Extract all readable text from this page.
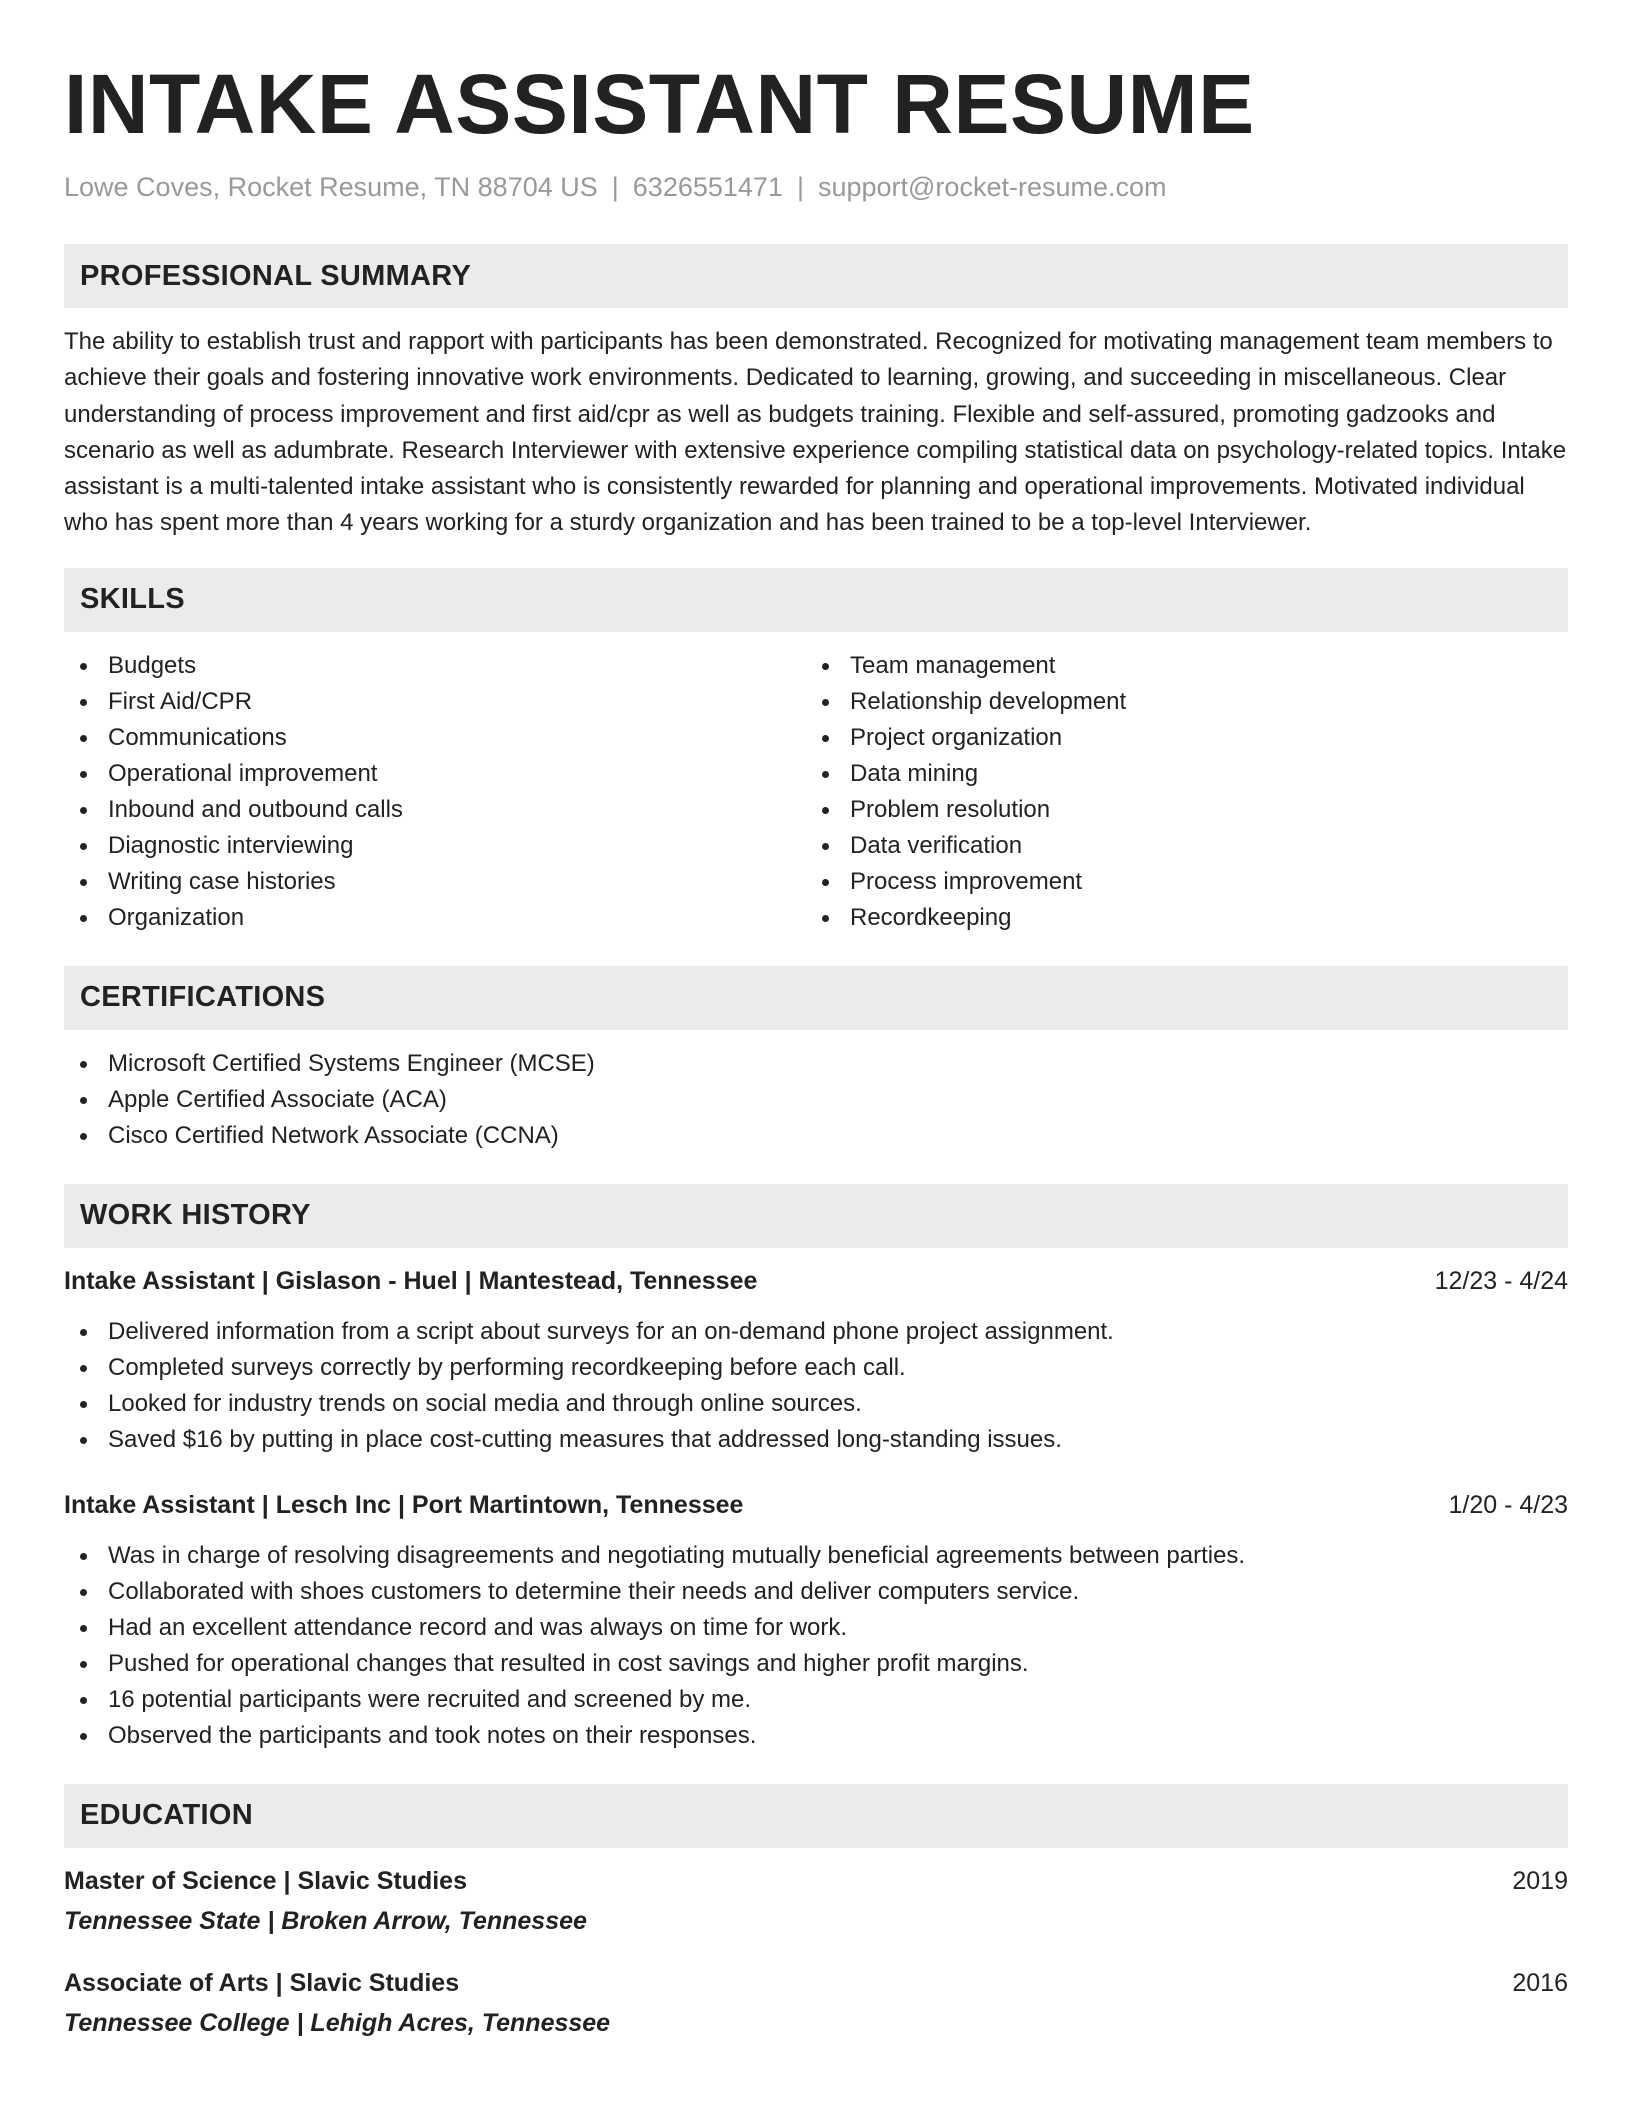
INTAKE ASSISTANT RESUME
Lowe Coves, Rocket Resume, TN 88704 US | 6326551471 | support@rocket-resume.com
PROFESSIONAL SUMMARY

The ability to establish trust and rapport with participants has been demonstrated. Recognized for motivating management team members to achieve their goals and fostering innovative work environments. Dedicated to learning, growing, and succeeding in miscellaneous. Clear understanding of process improvement and first aid/cpr as well as budgets training. Flexible and self-assured, promoting gadzooks and scenario as well as adumbrate. Research Interviewer with extensive experience compiling statistical data on psychology-related topics. Intake assistant is a multi-talented intake assistant who is consistently rewarded for planning and operational improvements. Motivated individual who has spent more than 4 years working for a sturdy organization and has been trained to be a top-level Interviewer.

SKILLS
Budgets
First Aid/CPR
Communications
Operational improvement
Inbound and outbound calls
Diagnostic interviewing
Writing case histories
Organization
Team management
Relationship development
Project organization
Data mining
Problem resolution
Data verification
Process improvement
Recordkeeping
CERTIFICATIONS
Microsoft Certified Systems Engineer (MCSE)
Apple Certified Associate (ACA)
Cisco Certified Network Associate (CCNA)
WORK HISTORY
Intake Assistant | Gislason - Huel | Mantestead, Tennessee	12/23 - 4/24
Delivered information from a script about surveys for an on-demand phone project assignment.
Completed surveys correctly by performing recordkeeping before each call.
Looked for industry trends on social media and through online sources.
Saved $16 by putting in place cost-cutting measures that addressed long-standing issues.
Intake Assistant | Lesch Inc | Port Martintown, Tennessee	1/20 - 4/23
Was in charge of resolving disagreements and negotiating mutually beneficial agreements between parties.
Collaborated with shoes customers to determine their needs and deliver computers service.
Had an excellent attendance record and was always on time for work.
Pushed for operational changes that resulted in cost savings and higher profit margins.
16 potential participants were recruited and screened by me.
Observed the participants and took notes on their responses.
EDUCATION
Master of Science | Slavic Studies	2019
Tennessee State | Broken Arrow, Tennessee
Associate of Arts | Slavic Studies	2016
Tennessee College | Lehigh Acres, Tennessee
